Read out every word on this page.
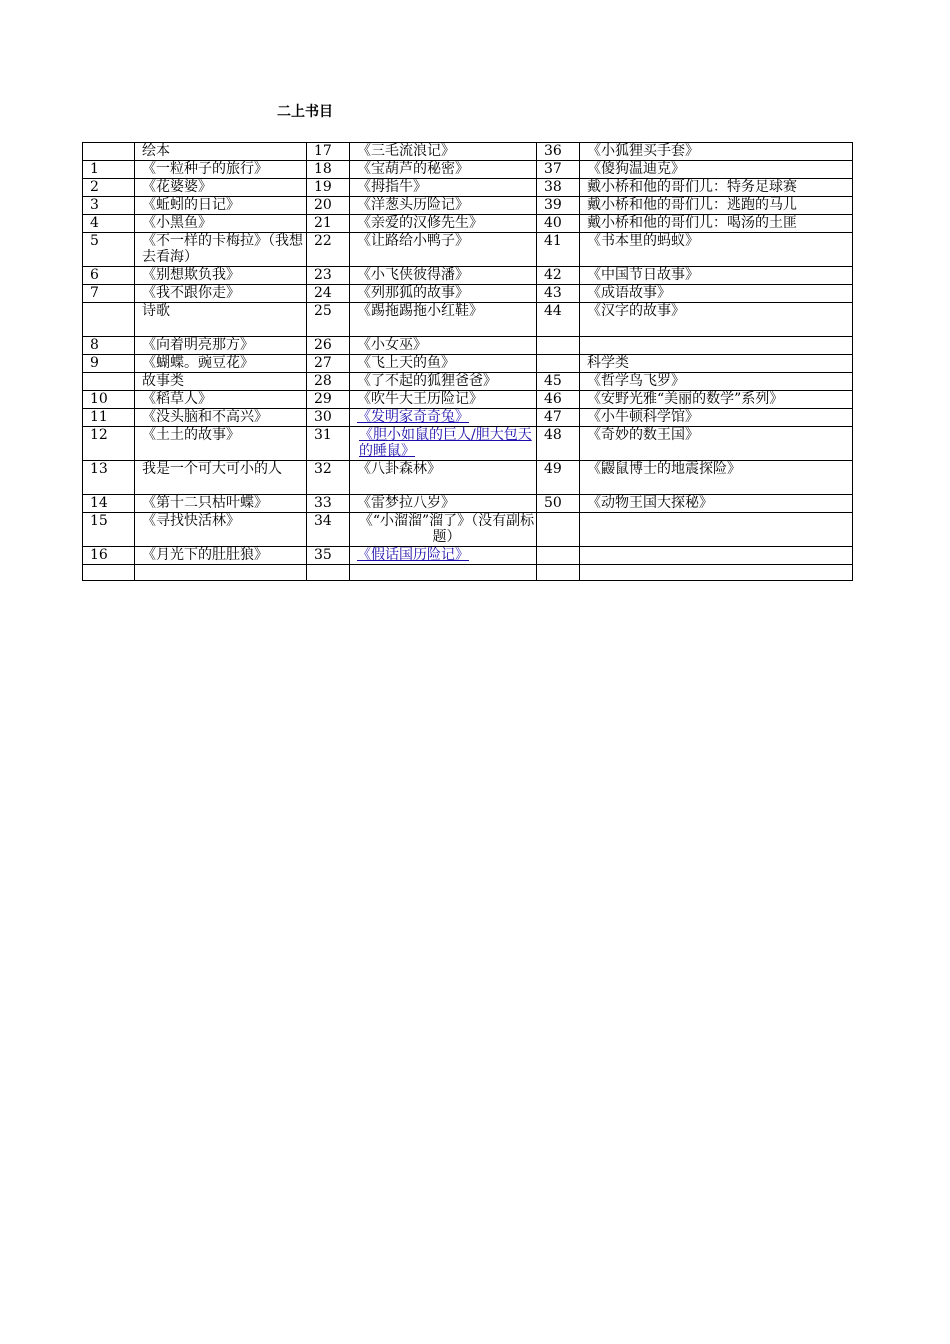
二上书目
	绘本	17	《三毛流浪记》	36	《小狐狸买手套》
1	《一粒种子的旅行》	18	《宝葫芦的秘密》	37	《傻狗温迪克》
2	《花婆婆》	19	《拇指牛》	38	戴小桥和他的哥们儿：特务足球赛
3	《蚯蚓的日记》	20	《洋葱头历险记》	39	戴小桥和他的哥们儿：逃跑的马儿
4	《小黑鱼》	21	《亲爱的汉修先生》	40	戴小桥和他的哥们儿：喝汤的土匪
5	《不一样的卡梅拉》（我想去看海）	22	《让路给小鸭子》	41	《书本里的蚂蚁》
6	《别想欺负我》	23	《小飞侠彼得潘》	42	《中国节日故事》
7	《我不跟你走》	24	《列那狐的故事》	43	《成语故事》
	诗歌	25	《踢拖踢拖小红鞋》	44	《汉字的故事》
8	《向着明亮那方》	26	《小女巫》		
9	《蝴蝶。豌豆花》	27	《飞上天的鱼》		科学类
	故事类	28	《了不起的狐狸爸爸》	45	《哲学鸟飞罗》
10	《稻草人》	29	《吹牛大王历险记》	46	《安野光雅“美丽的数学”系列》
11	《没头脑和不高兴》	30	《发明家奇奇兔》	47	《小牛顿科学馆》
12	《土土的故事》	31	《胆小如鼠的巨人/胆大包天的睡鼠》	48	《奇妙的数王国》
13	我是一个可大可小的人	32	《八卦森林》	49	《鼹鼠博士的地震探险》
14	《第十二只枯叶蝶》	33	《雷梦拉八岁》	50	《动物王国大探秘》
15	《寻找快活林》	34	《“小溜溜”溜了》（没有副标题）		
16	《月光下的肚肚狼》	35	《假话国历险记》		
